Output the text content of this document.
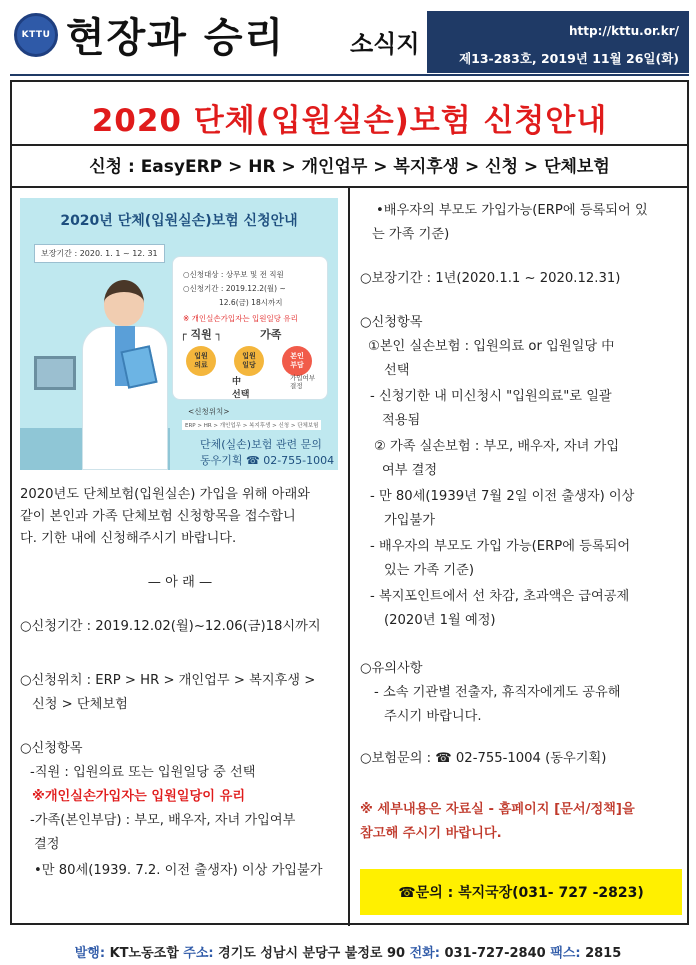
KTTU 현장과 승리	소식지	http://kttu.or.kr/
제13-283호, 2019년 11월 26일(화)
2020 단체(입원실손)보험 신청안내
신청 : EasyERP > HR > 개인업무 > 복지후생 > 신청 > 단체보험
2020년 단체(입원실손)보험 신청안내
보장기간 : 2020. 1. 1 ~ 12. 31
○신청대상 : 상무보 및 전 직원
○신청기간 : 2019.12.2(월) ~
12.6(금) 18시까지
※ 개인실손가입자는 입원일당 유리
┌ 직원 ┐	가족
입원
의료
입원
일당
본인
부담
中
선택
가입여부
결정
<신청위치>
ERP > HR > 개인업무 > 복지후생 > 신청 > 단체보험
단체(실손)보험 관련 문의
동우기획 ☎ 02-755-1004
2020년도 단체보험(입원실손) 가입을 위해 아래와
같이 본인과 가족 단체보험 신청항목을 접수합니
다. 기한 내에 신청해주시기 바랍니다.
— 아 래 —
○신청기간 : 2019.12.02(월)~12.06(금)18시까지
○신청위치 : ERP > HR > 개인업무 > 복지후생 >
신청 > 단체보험
○신청항목
-직원 : 입원의료 또는 입원일당 중 선택
※개인실손가입자는 입원일당이 유리
-가족(본인부담) : 부모, 배우자, 자녀 가입여부
결정
•만 80세(1939. 7.2. 이전 출생자) 이상 가입불가
•배우자의 부모도 가입가능(ERP에 등록되어 있
는 가족 기준)
○보장기간 : 1년(2020.1.1 ~ 2020.12.31)
○신청항목
①본인 실손보험 : 입원의료 or 입원일당 中
선택
- 신청기한 내 미신청시 "입원의료"로 일괄
적용됨
② 가족 실손보험 : 부모, 배우자, 자녀 가입
여부 결정
- 만 80세(1939년 7월 2일 이전 출생자) 이상
가입불가
- 배우자의 부모도 가입 가능(ERP에 등록되어
있는 가족 기준)
- 복지포인트에서 선 차감, 초과액은 급여공제
(2020년 1월 예정)
○유의사항
- 소속 기관별 전출자, 휴직자에게도 공유해
주시기 바랍니다.
○보험문의 : ☎ 02-755-1004 (동우기획)
※ 세부내용은 자료실 - 홈페이지 [문서/정책]을
참고해 주시기 바랍니다.
☎문의 : 복지국장(031- 727 -2823)
발행: KT노동조합 주소: 경기도 성남시 분당구 불정로 90 전화: 031-727-2840 팩스: 2815
